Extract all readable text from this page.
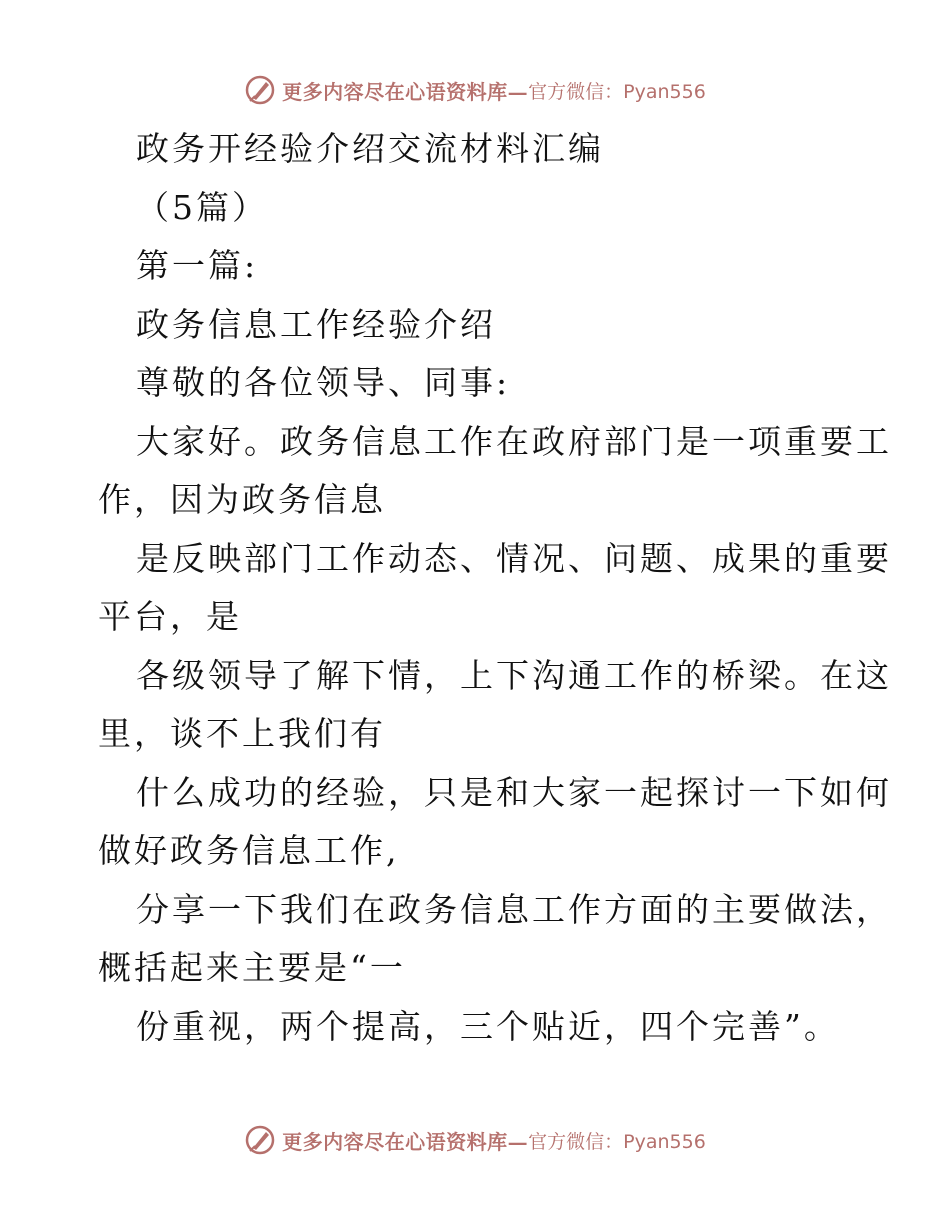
更多内容尽在心语资料库— 官方微信：Pyan556
政务开经验介绍交流材料汇编
（5篇）
第一篇:
政务信息工作经验介绍
尊敬的各位领导、同事:
大家好。政务信息工作在政府部门是一项重要工
作，因为政务信息
是反映部门工作动态、情况、问题、成果的重要
平台，是
各级领导了解下情，上下沟通工作的桥梁。在这
里，谈不上我们有
什么成功的经验，只是和大家一起探讨一下如何
做好政务信息工作,
分享一下我们在政务信息工作方面的主要做法，
概括起来主要是“一
份重视，两个提高，三个贴近，四个完善”。
更多内容尽在心语资料库— 官方微信：Pyan556
